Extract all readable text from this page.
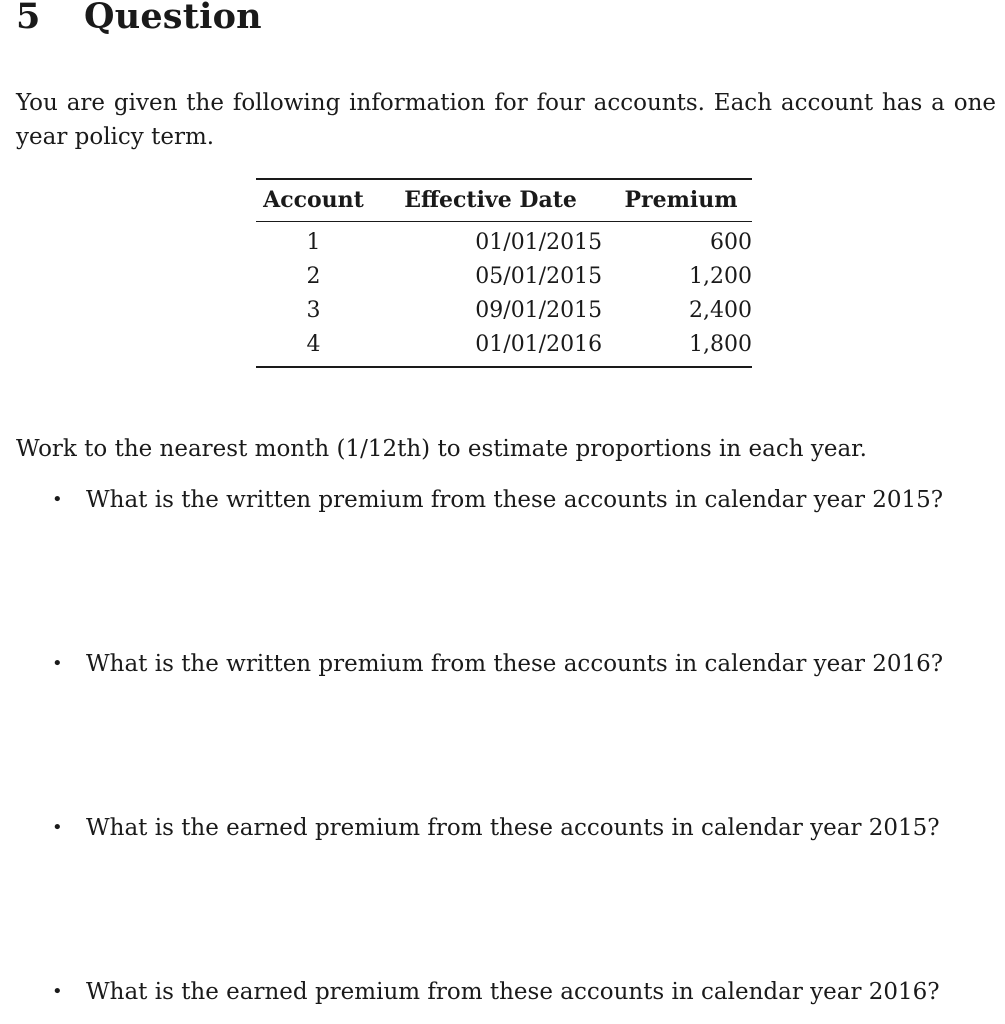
5 Question
You are given the following information for four accounts. Each account has a one
year policy term.
Account	Effective Date	Premium

1	01/01/2015	600
2	05/01/2015	1,200
3	09/01/2015	2,400
4	01/01/2016	1,800
Work to the nearest month (1/12th) to estimate proportions in each year.
• What is the written premium from these accounts in calendar year 2015?
• What is the written premium from these accounts in calendar year 2016?
• What is the earned premium from these accounts in calendar year 2015?
• What is the earned premium from these accounts in calendar year 2016?
